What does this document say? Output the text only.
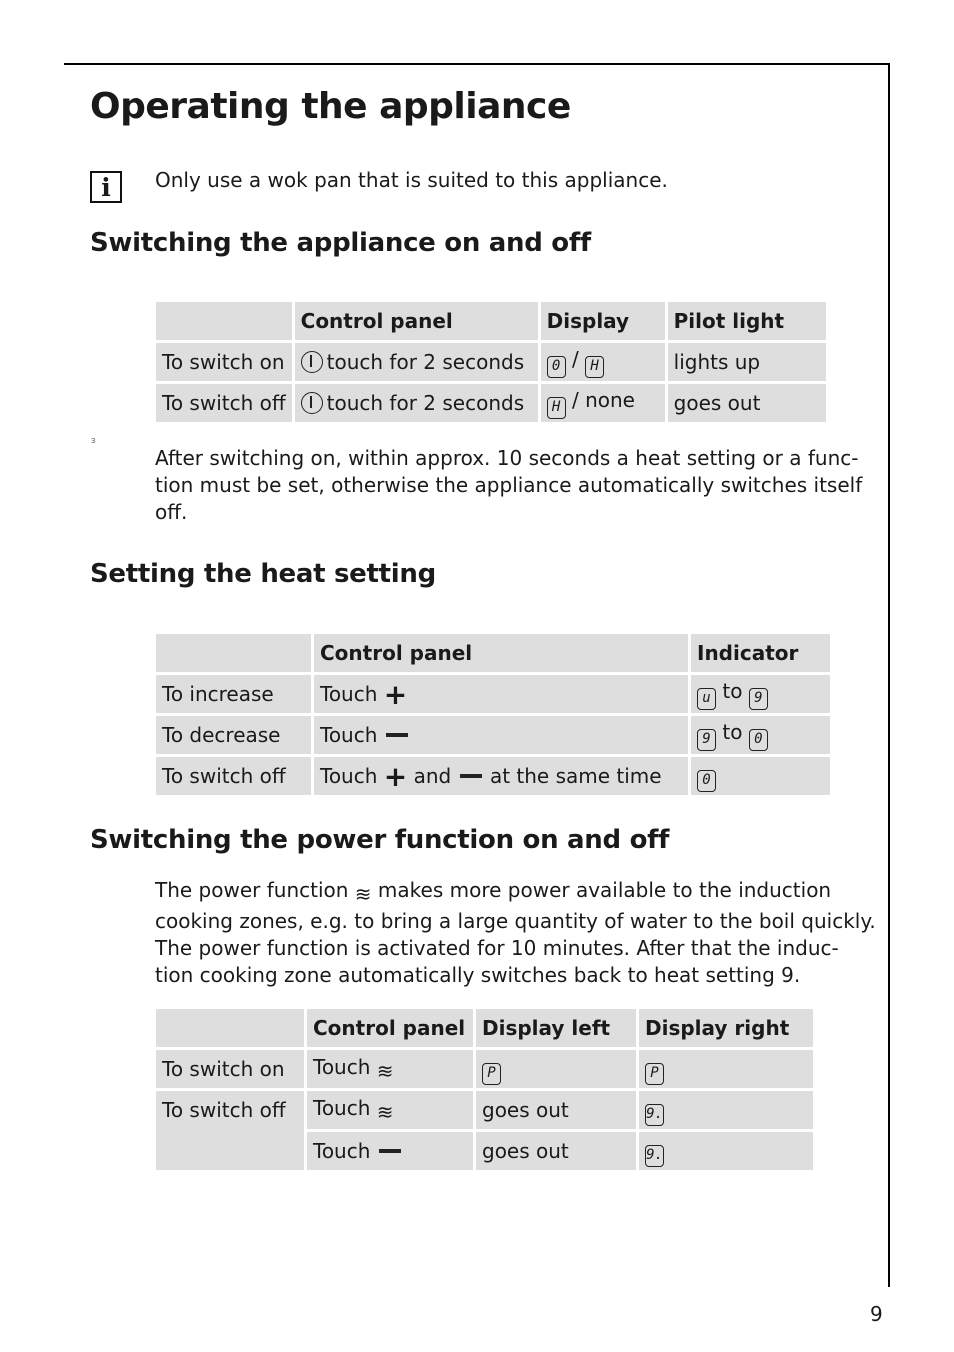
Operating the appliance
i	Only use a wok pan that is suited to this appliance.

Switching the appliance on and off
	Control panel	Display	Pilot light
To switch on	touch for 2 seconds	0 / H	lights up
To switch off	touch for 2 seconds	H / none	goes out
3
After switching on, within approx. 10 seconds a heat setting or a func-
tion must be set, otherwise the appliance automatically switches itself
off.
Setting the heat setting
	Control panel	Indicator
To increase	Touch +	u to 9
To decrease	Touch	9 to 0
To switch off	Touch + and at the same time	0
Switching the power function on and off
The power function ≋ makes more power available to the induction
cooking zones, e.g. to bring a large quantity of water to the boil quickly.
The power function is activated for 10 minutes. After that the induc-
tion cooking zone automatically switches back to heat setting 9.
	Control panel	Display left	Display right
To switch on	Touch ≋	P	P
To switch off	Touch ≋	goes out	9.
	Touch	goes out	9.
9
